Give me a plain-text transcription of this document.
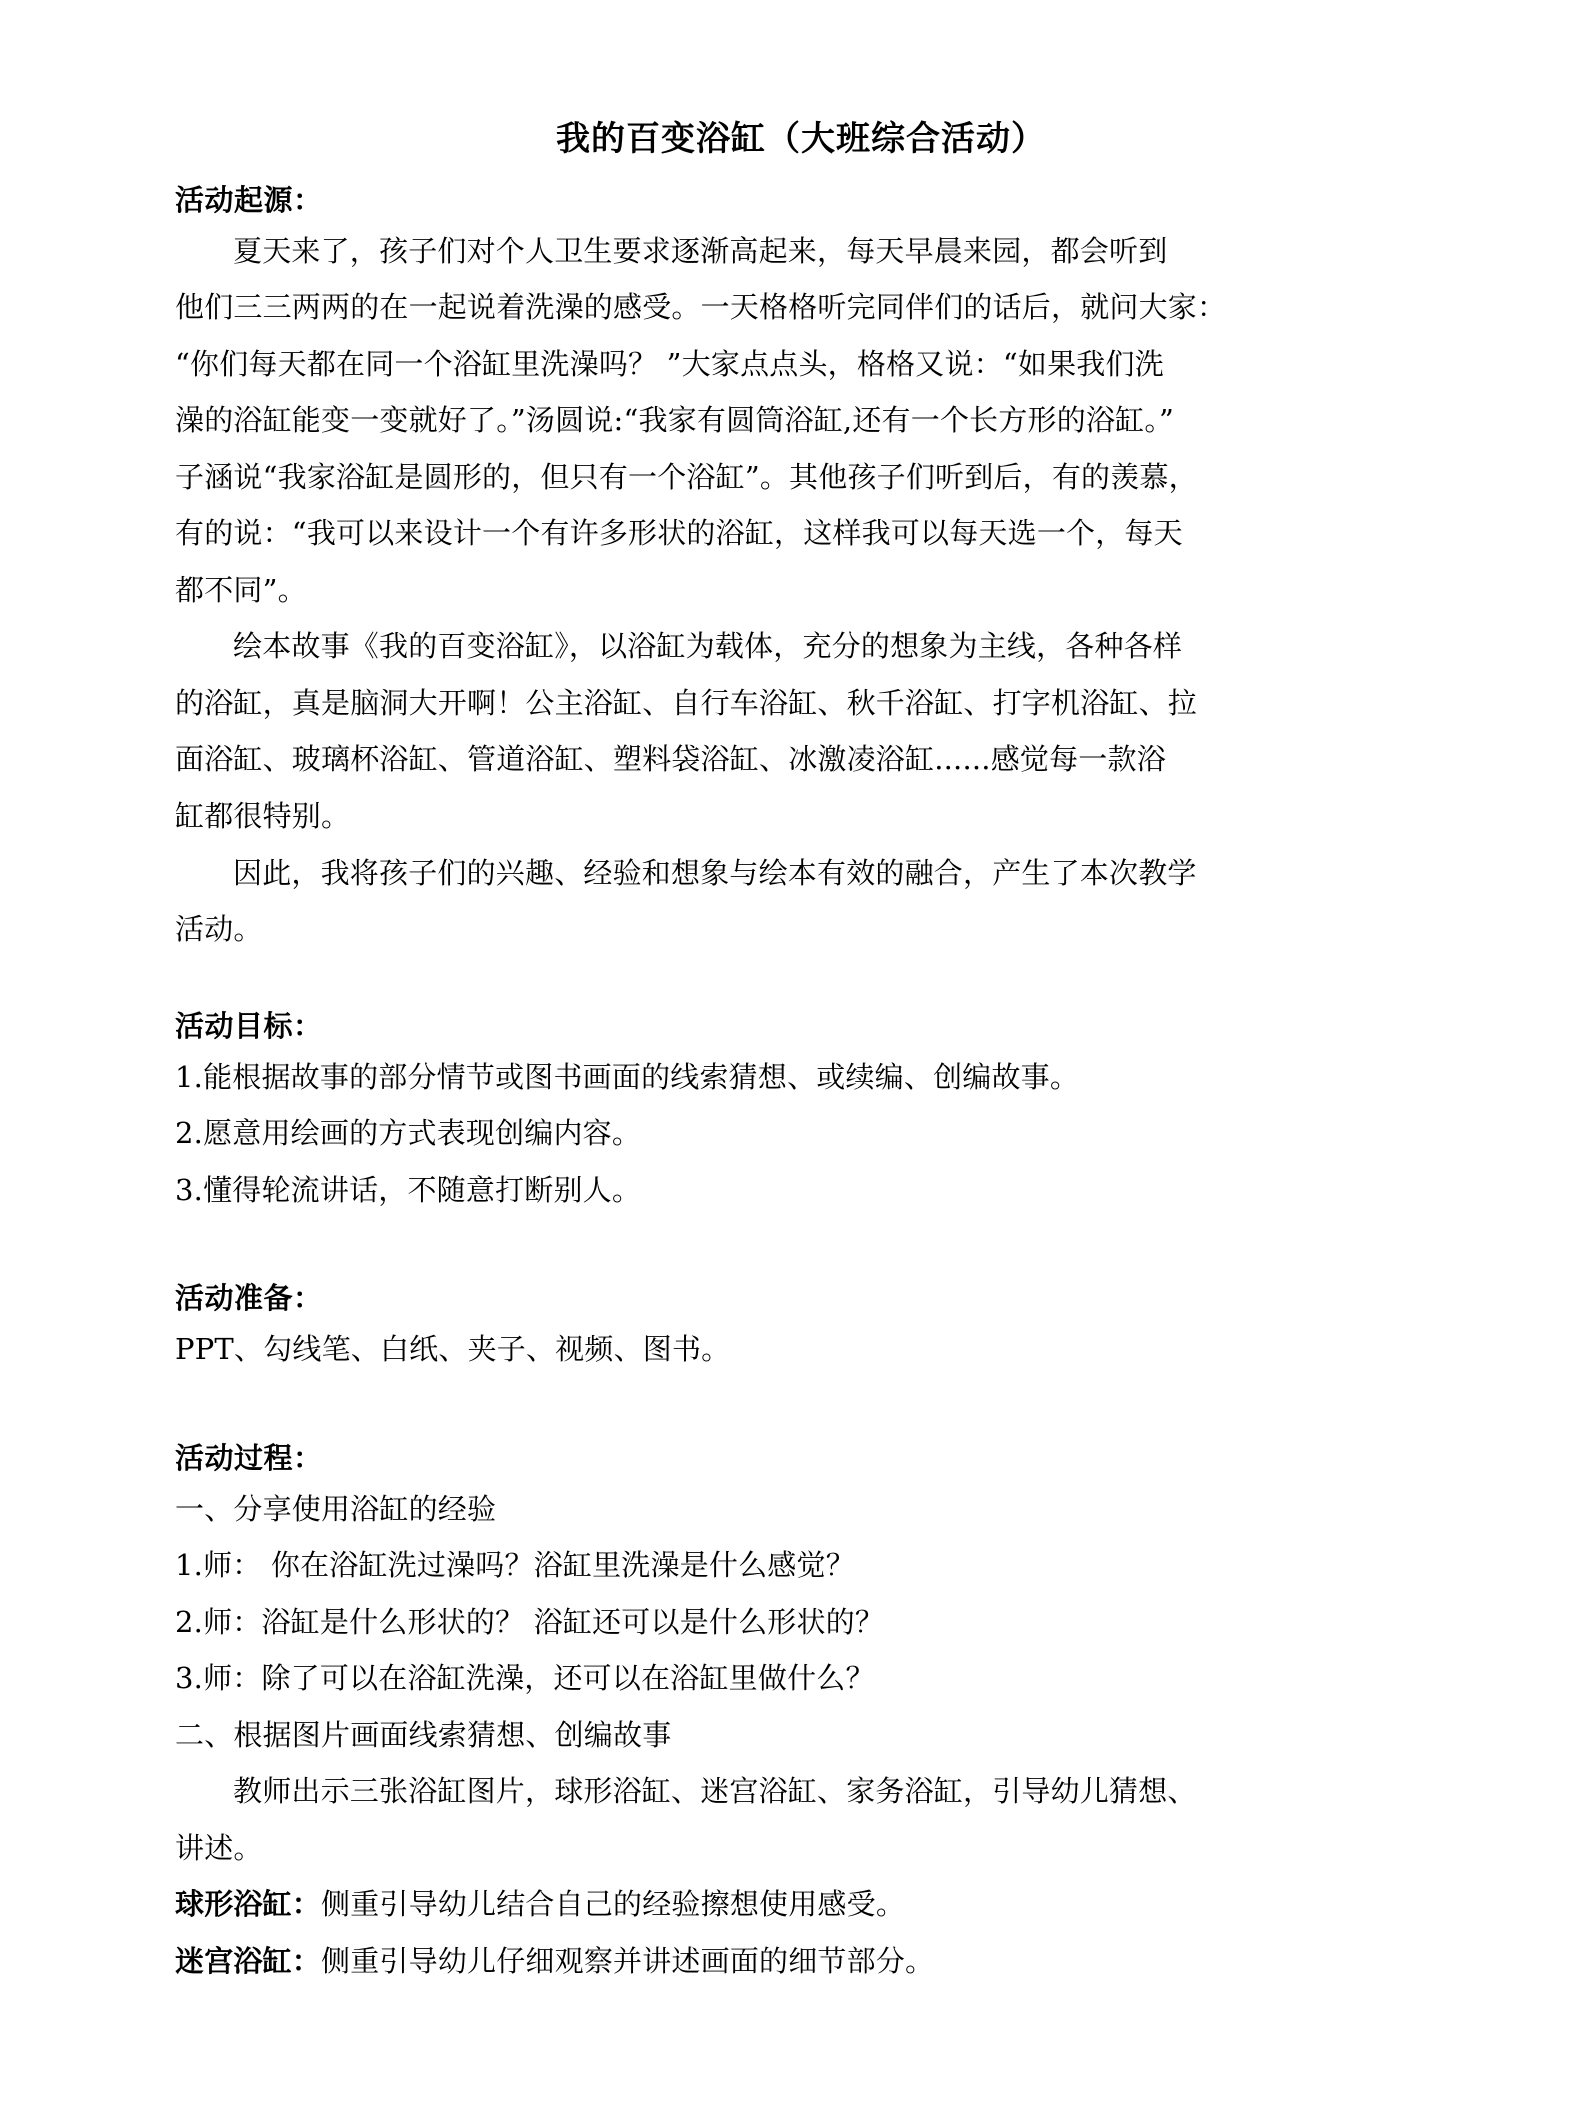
我的百变浴缸（大班综合活动）

活动起源：

夏天来了，孩子们对个人卫生要求逐渐高起来，每天早晨来园，都会听到

他们三三两两的在一起说着洗澡的感受。一天格格听完同伴们的话后，就问大家：

“你们每天都在同一个浴缸里洗澡吗？ ”大家点点头，格格又说：“如果我们洗

澡的浴缸能变一变就好了。”汤圆说:“我家有圆筒浴缸,还有一个长方形的浴缸。”

子涵说“我家浴缸是圆形的，但只有一个浴缸”。其他孩子们听到后，有的羡慕，

有的说：“我可以来设计一个有许多形状的浴缸，这样我可以每天选一个，每天

都不同”。

绘本故事《我的百变浴缸》，以浴缸为载体，充分的想象为主线，各种各样

的浴缸，真是脑洞大开啊！公主浴缸、自行车浴缸、秋千浴缸、打字机浴缸、拉

面浴缸、玻璃杯浴缸、管道浴缸、塑料袋浴缸、冰激凌浴缸......感觉每一款浴

缸都很特别。

因此，我将孩子们的兴趣、经验和想象与绘本有效的融合，产生了本次教学

活动。

活动目标：

1.能根据故事的部分情节或图书画面的线索猜想、或续编、创编故事。

2.愿意用绘画的方式表现创编内容。

3.懂得轮流讲话，不随意打断别人。

活动准备：

PPT、勾线笔、白纸、夹子、视频、图书。

活动过程：

一、分享使用浴缸的经验

1.师： 你在浴缸洗过澡吗？浴缸里洗澡是什么感觉？

2.师：浴缸是什么形状的？ 浴缸还可以是什么形状的？

3.师：除了可以在浴缸洗澡，还可以在浴缸里做什么？

二、根据图片画面线索猜想、创编故事

教师出示三张浴缸图片，球形浴缸、迷宫浴缸、家务浴缸，引导幼儿猜想、

讲述。

球形浴缸：侧重引导幼儿结合自己的经验擦想使用感受。

迷宫浴缸：侧重引导幼儿仔细观察并讲述画面的细节部分。
